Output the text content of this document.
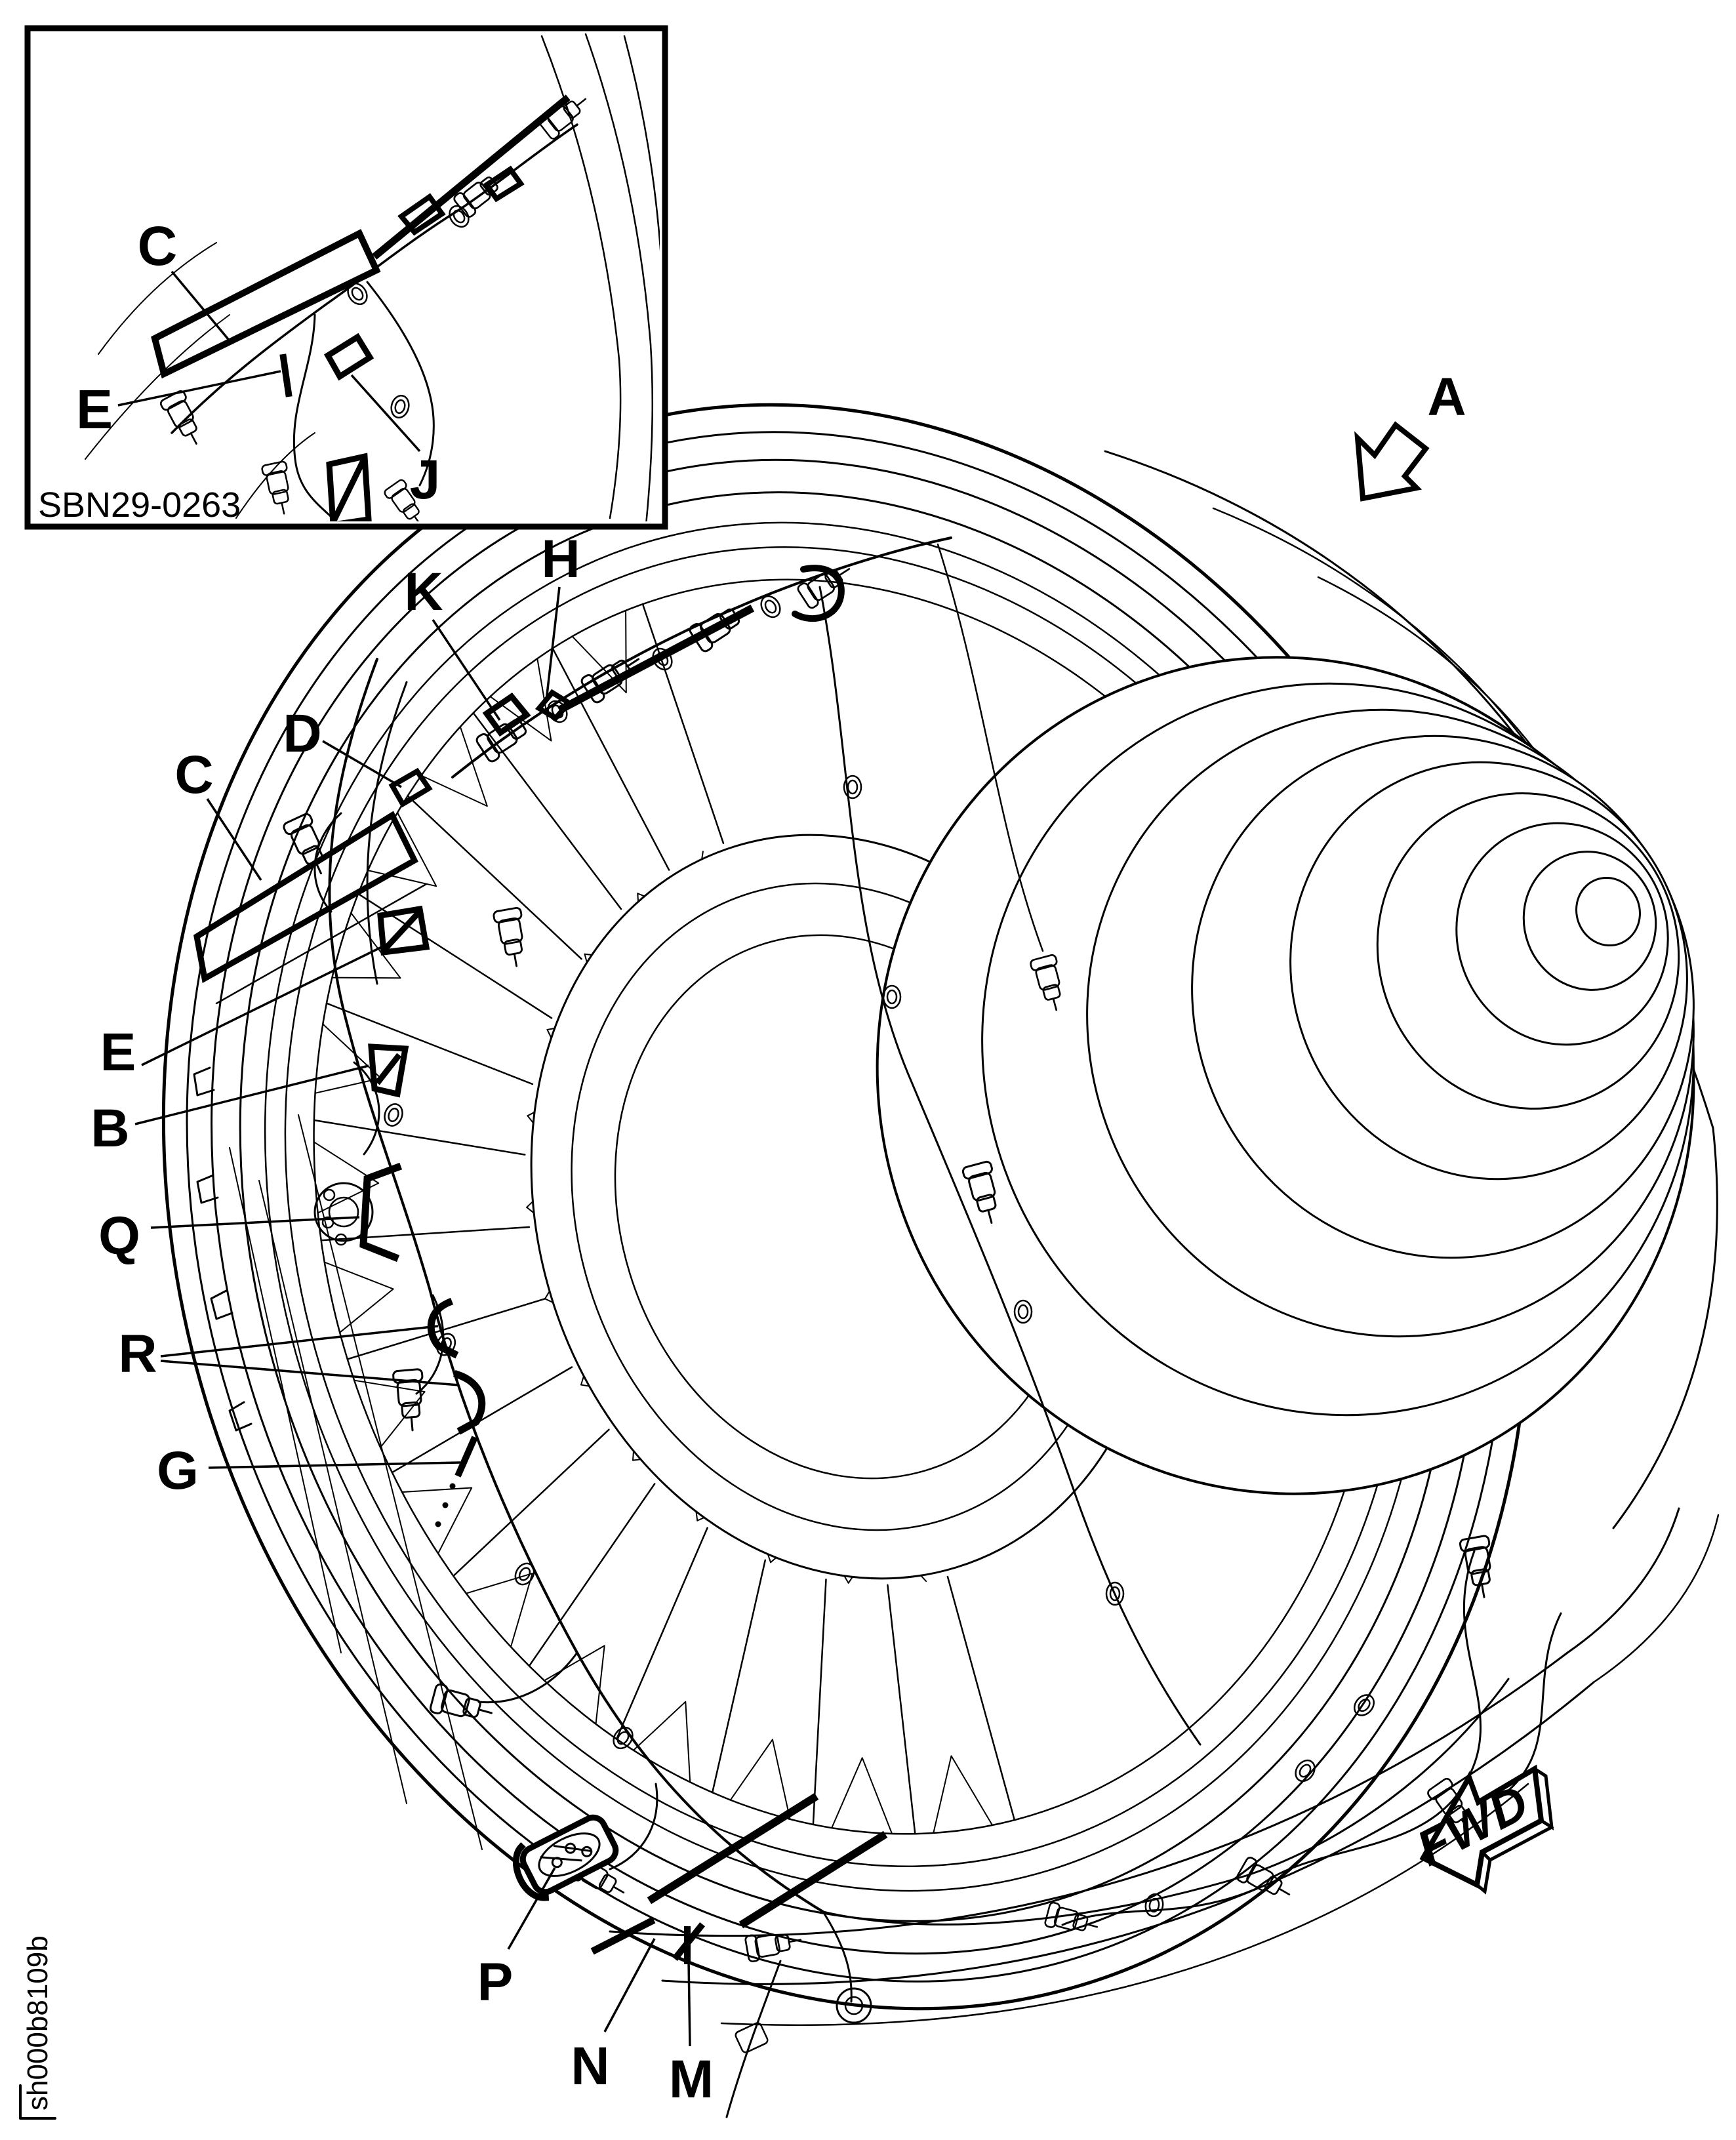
A
K
H
D
C
E
B
Q
R
G
P
N M
C
E
J
SBN29-0263
FWD
sh000b8109b
